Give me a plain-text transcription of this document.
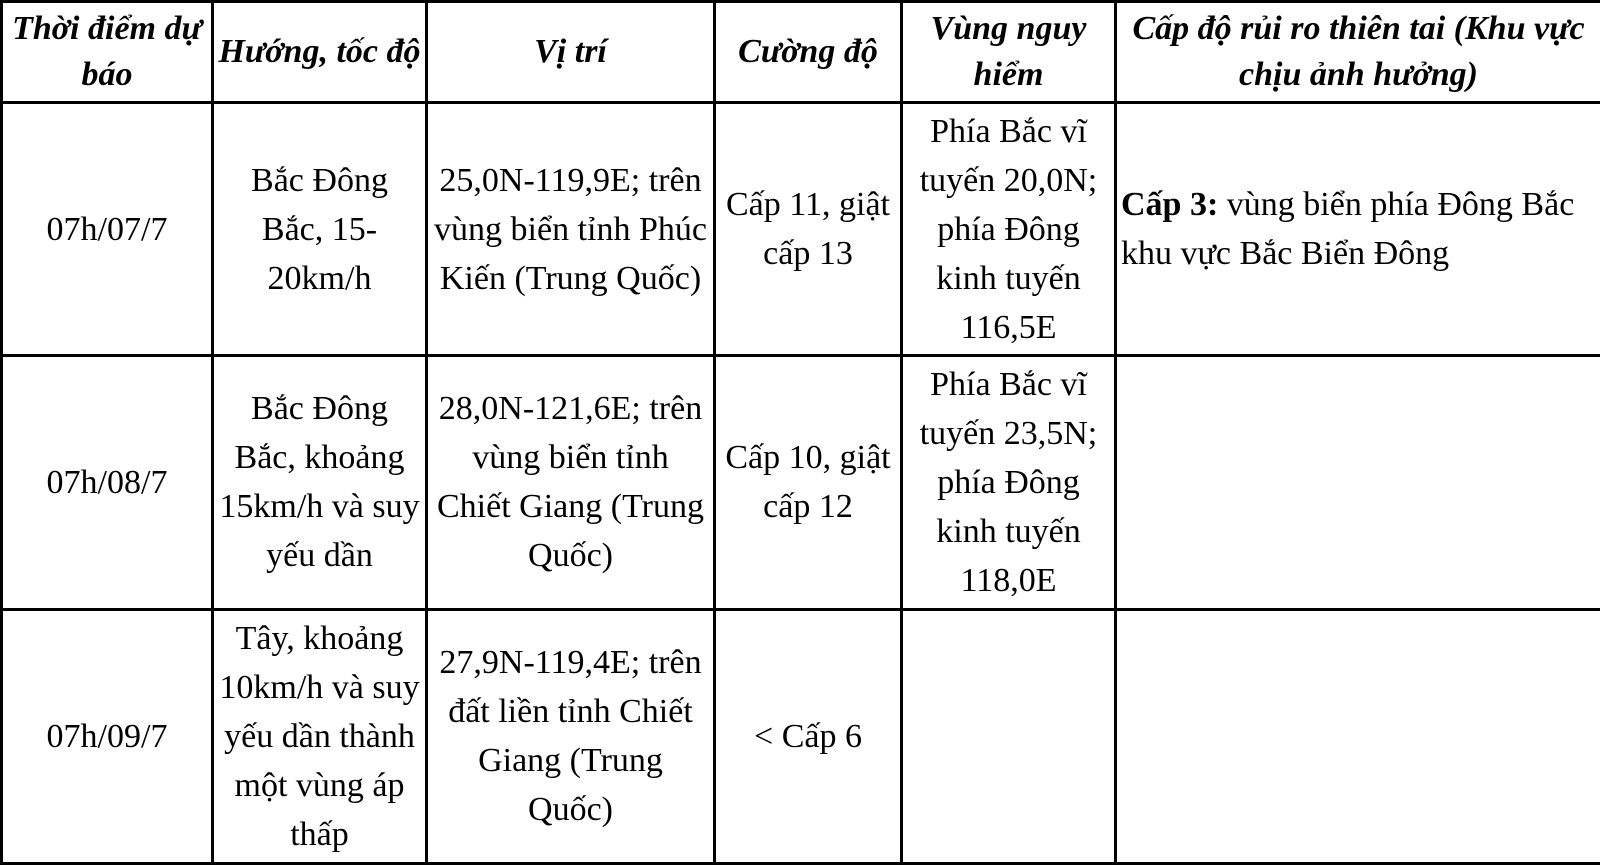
Thời điểm dự báo	Hướng, tốc độ	Vị trí	Cường độ	Vùng nguy hiểm	Cấp độ rủi ro thiên tai (Khu vực chịu ảnh hưởng)
07h/07/7	Bắc Đông Bắc, 15-20km/h	25,0N-119,9E; trên vùng biển tỉnh Phúc Kiến (Trung Quốc)	Cấp 11, giật cấp 13	Phía Bắc vĩ tuyến 20,0N; phía Đông kinh tuyến 116,5E	Cấp 3: vùng biển phía Đông Bắc khu vực Bắc Biển Đông
07h/08/7	Bắc Đông Bắc, khoảng 15km/h và suy yếu dần	28,0N-121,6E; trên vùng biển tỉnh Chiết Giang (Trung Quốc)	Cấp 10, giật cấp 12	Phía Bắc vĩ tuyến 23,5N; phía Đông kinh tuyến 118,0E	
07h/09/7	Tây, khoảng 10km/h và suy yếu dần thành một vùng áp thấp	27,9N-119,4E; trên đất liền tỉnh Chiết Giang (Trung Quốc)	< Cấp 6		
